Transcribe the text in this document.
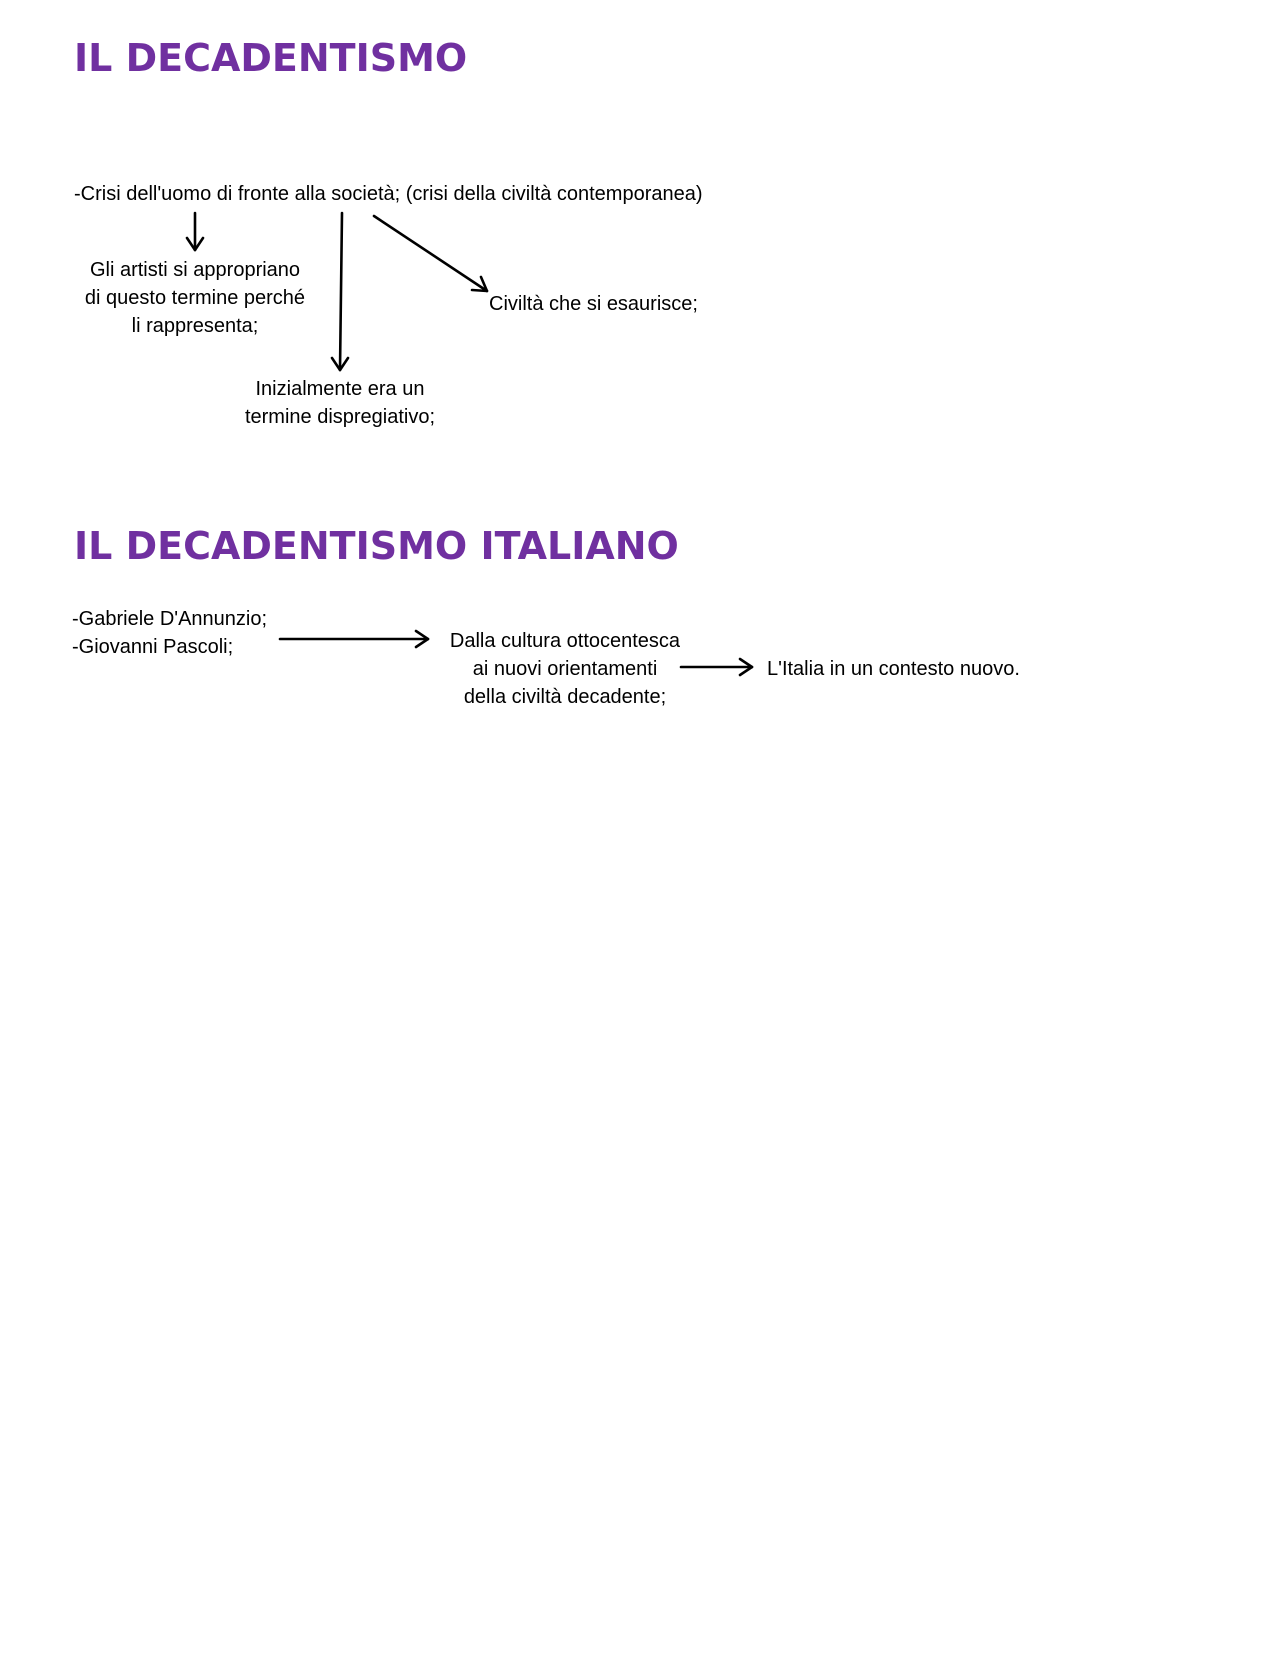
IL DECADENTISMO
-Crisi dell'uomo di fronte alla società; (crisi della civiltà contemporanea)
Gli artisti si appropriano
di questo termine perché
li rappresenta;
Inizialmente era un
termine dispregiativo;
Civiltà che si esaurisce;
IL DECADENTISMO ITALIANO
-Gabriele D'Annunzio;
-Giovanni Pascoli;	Dalla cultura ottocentesca
ai nuovi orientamenti
della civiltà decadente;
L'Italia in un contesto nuovo.
